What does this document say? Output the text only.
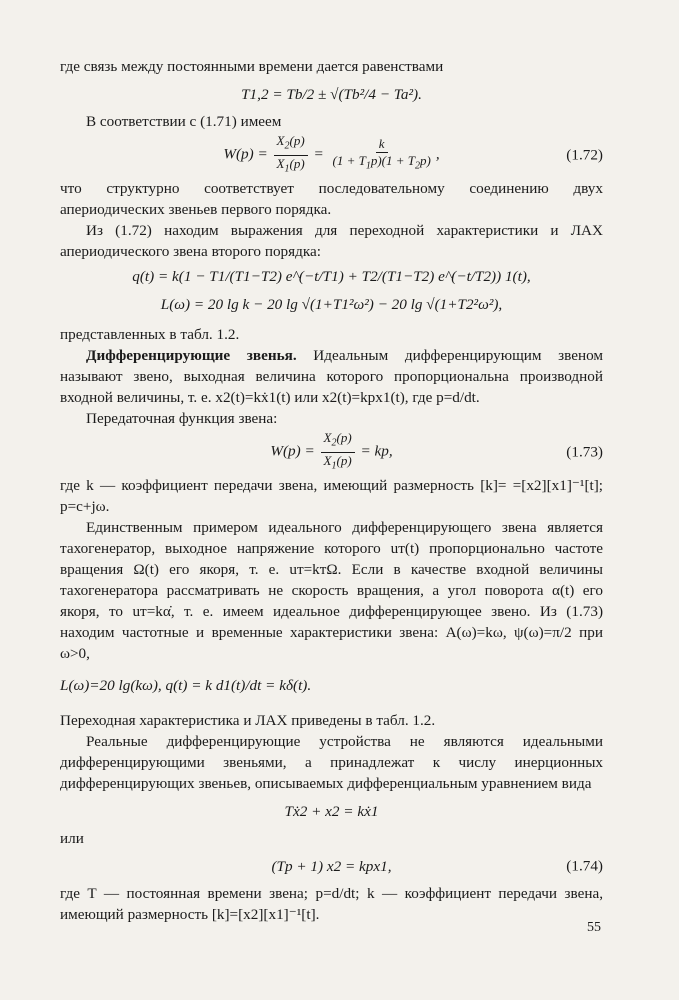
где связь между постоянными времени дается равенствами

T1,2 = Tb/2 ± √(Tb²/4 − Ta²).

В соответствии с (1.71) имеем

$W(p) = \frac{X_2(p)}{X_1(p)} = \frac{k}{(1 + T_1p)(1 + T_2p)}$ ,	(1.72)

что структурно соответствует последовательному соединению двух апериодических звеньев первого порядка.

Из (1.72) находим выражения для переходной характеристики и ЛАХ апериодического звена второго порядка:

q(t) = k(1 − T1/(T1−T2) e^(−t/T1) + T2/(T1−T2) e^(−t/T2)) 1(t),
L(ω) = 20 lg k − 20 lg √(1+T1²ω²) − 20 lg √(1+T2²ω²),

представленных в табл. 1.2.

Дифференцирующие звенья. Идеальным дифференцирующим звеном называют звено, выходная величина которого пропорциональна производной входной величины, т. е. x2(t)=kẋ1(t) или x2(t)=kpx1(t), где p=d/dt.

Передаточная функция звена:

$W(p) = \frac{X_2(p)}{X_1(p)}$ = kp,	(1.73)

где k — коэффициент передачи звена, имеющий размерность [k]= =[x2][x1]⁻¹[t]; p=c+jω.

Единственным примером идеального дифференцирующего звена является тахогенератор, выходное напряжение которого uт(t) пропорционально частоте вращения Ω(t) его якоря, т. е. uт=kтΩ. Если в качестве входной величины тахогенератора рассматривать не скорость вращения, а угол поворота α(t) его якоря, то uт=kα̇, т. е. имеем идеальное дифференцирующее звено. Из (1.73) находим частотные и временные характеристики звена: A(ω)=kω, ψ(ω)=π/2 при ω>0,

L(ω)=20 lg(kω), q(t) = k d1(t)/dt = kδ(t).

Переходная характеристика и ЛАХ приведены в табл. 1.2.

Реальные дифференцирующие устройства не являются идеальными дифференцирующими звеньями, а принадлежат к числу инерционных дифференцирующих звеньев, описываемых дифференциальным уравнением вида

Tẋ2 + x2 = kẋ1

или

(Tp + 1) x2 = kpx1,	(1.74)

где T — постоянная времени звена; p=d/dt; k — коэффициент передачи звена, имеющий размерность [k]=[x2][x1]⁻¹[t].

55
